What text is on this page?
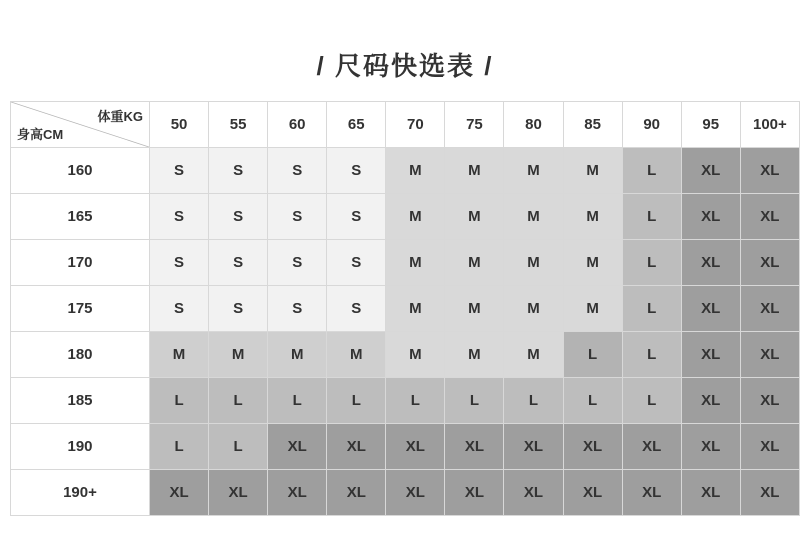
/ 尺码快选表 /
体重KG
身高CM	50	55	60	65	70	75	80	85	90	95	100+
160	S	S	S	S	M	M	M	M	L	XL	XL
165	S	S	S	S	M	M	M	M	L	XL	XL
170	S	S	S	S	M	M	M	M	L	XL	XL
175	S	S	S	S	M	M	M	M	L	XL	XL
180	M	M	M	M	M	M	M	L	L	XL	XL
185	L	L	L	L	L	L	L	L	L	XL	XL
190	L	L	XL	XL	XL	XL	XL	XL	XL	XL	XL
190+	XL	XL	XL	XL	XL	XL	XL	XL	XL	XL	XL
